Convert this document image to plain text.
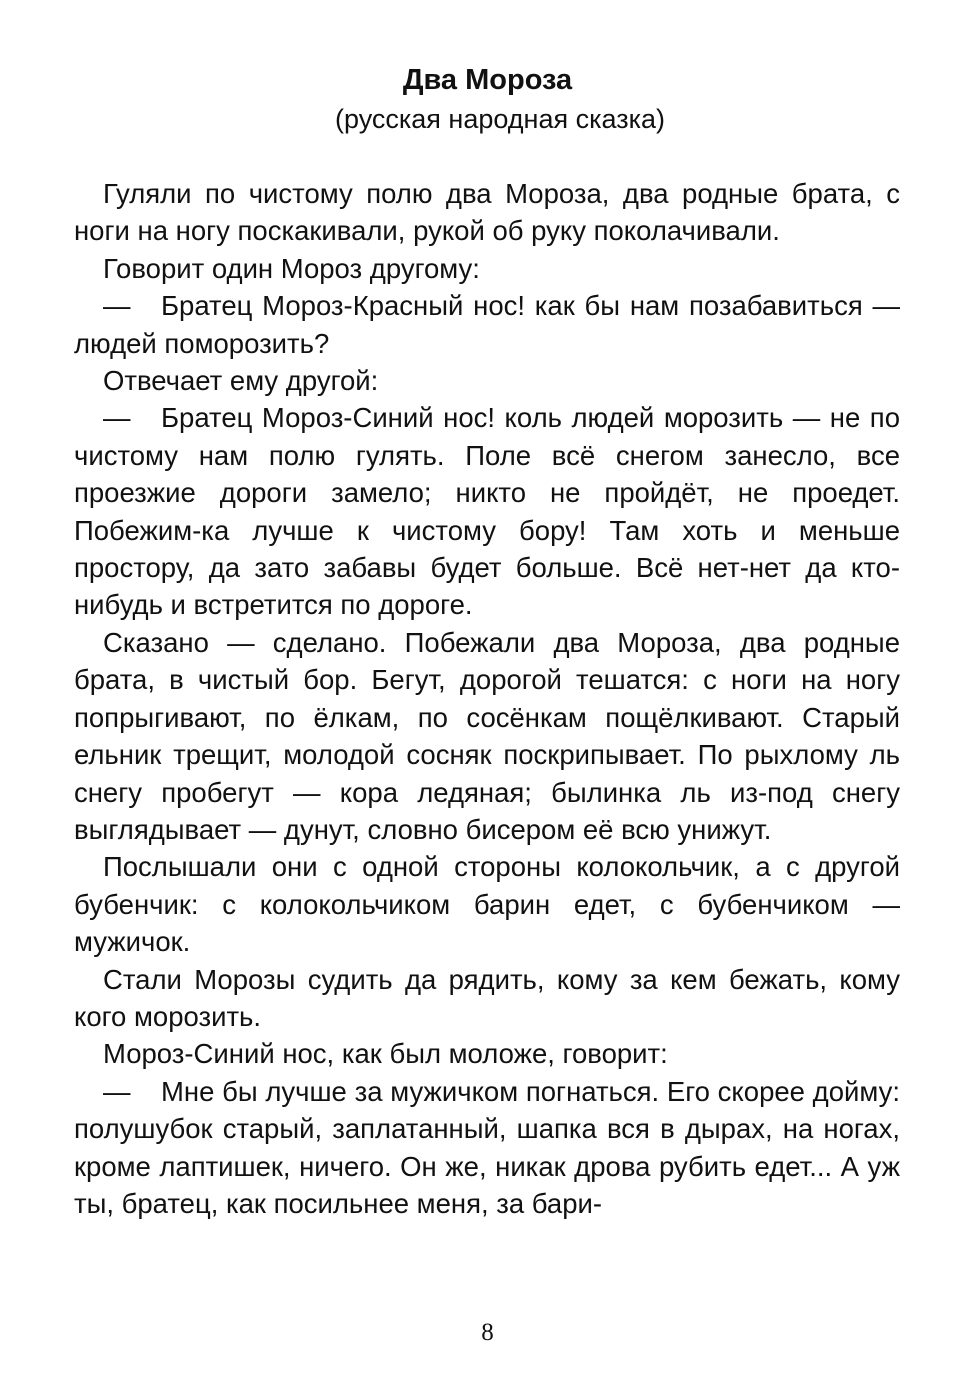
Два Мороза
(русская народная сказка)

Гуляли по чистому полю два Мороза, два родные брата, с ноги на ногу поскакивали, рукой об руку поколачивали.

Говорит один Мороз другому:

— Братец Мороз-Красный нос! как бы нам позабавиться — людей поморозить?

Отвечает ему другой:

— Братец Мороз-Синий нос! коль людей морозить — не по чистому нам полю гулять. Поле всё снегом занесло, все проезжие дороги замело; никто не пройдёт, не проедет. Побежим-ка лучше к чистому бору! Там хоть и меньше простору, да зато забавы будет больше. Всё нет-нет да кто-нибудь и встретится по дороге.

Сказано — сделано. Побежали два Мороза, два родные брата, в чистый бор. Бегут, дорогой тешатся: с ноги на ногу попрыгивают, по ёлкам, по сосёнкам пощёлкивают. Старый ельник трещит, молодой сосняк поскрипывает. По рыхлому ль снегу пробегут — кора ледяная; былинка ль из-под снегу выглядывает — дунут, словно бисером её всю унижут.

Послышали они с одной стороны колокольчик, а с другой бубенчик: с колокольчиком барин едет, с бубенчиком — мужичок.

Стали Морозы судить да рядить, кому за кем бежать, кому кого морозить.

Мороз-Синий нос, как был моложе, говорит:

— Мне бы лучше за мужичком погнаться. Его скорее дойму: полушубок старый, заплатанный, шапка вся в дырах, на ногах, кроме лаптишек, ничего. Он же, никак дрова рубить едет... А уж ты, братец, как посильнее меня, за бари-

8
